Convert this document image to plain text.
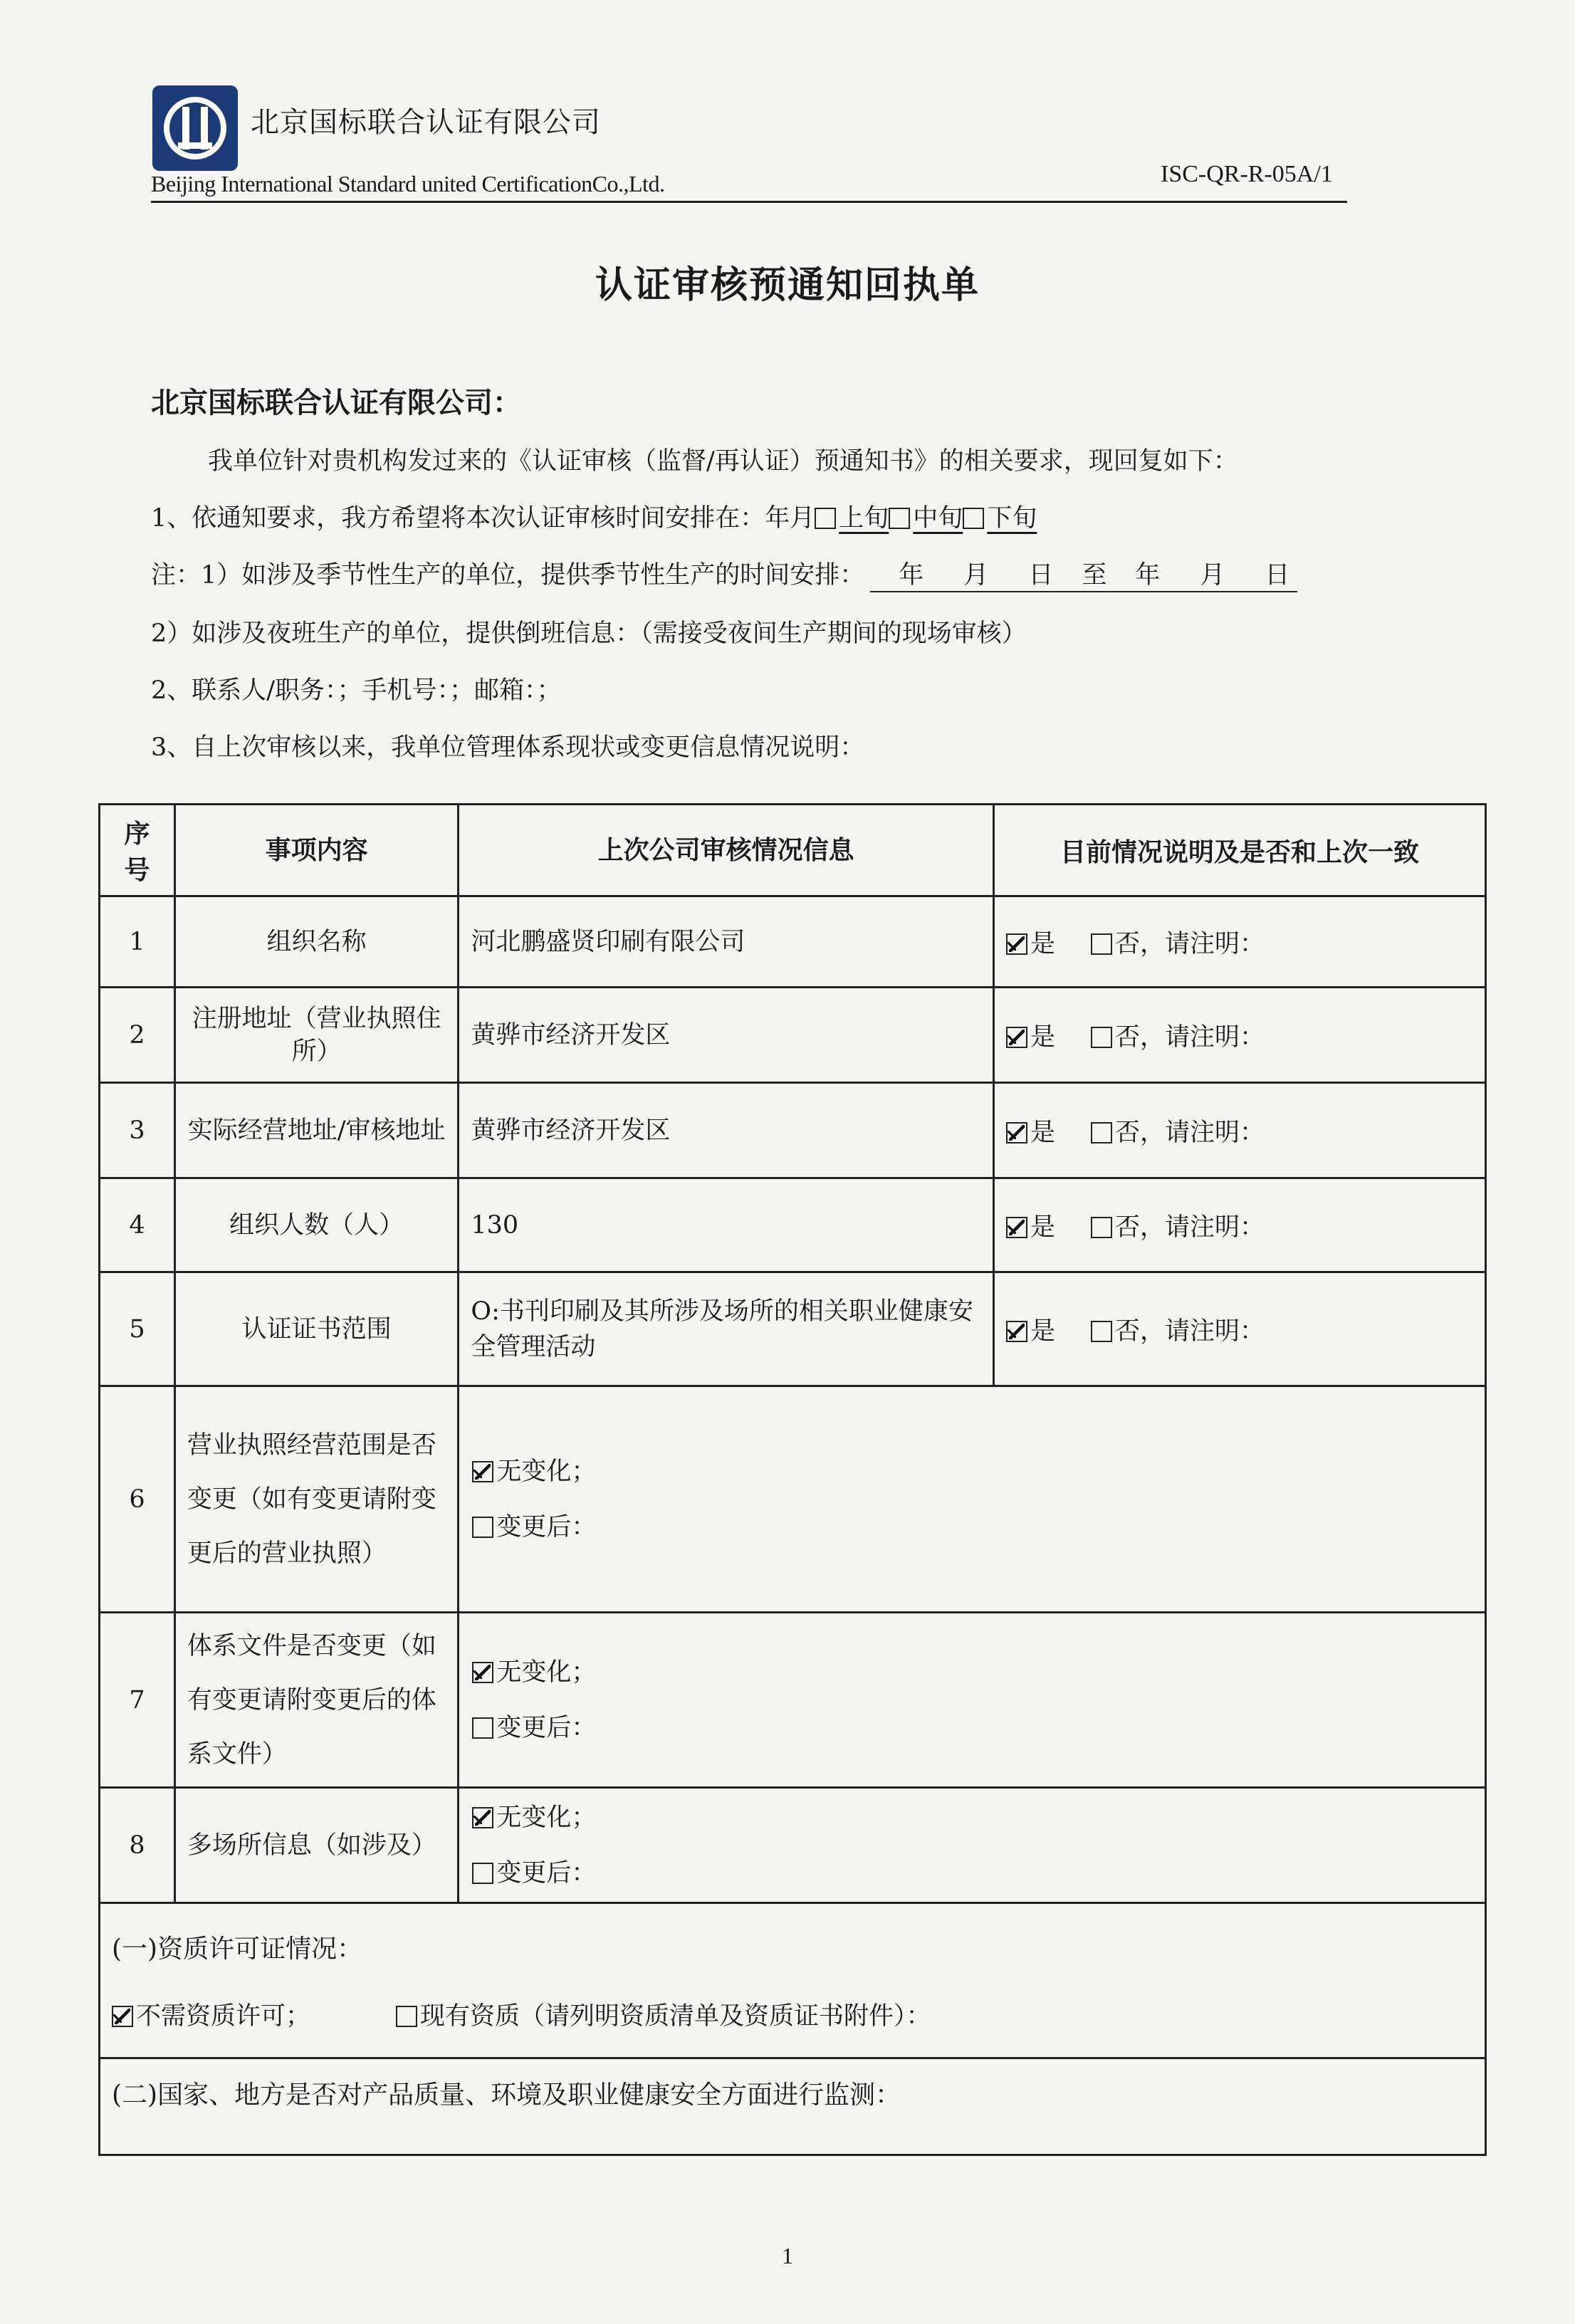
北京国标联合认证有限公司
Beijing International Standard united CertificationCo.,Ltd.	ISC-QR-R-05A/1
认证审核预通知回执单
北京国标联合认证有限公司：
我单位针对贵机构发过来的《认证审核（监督/再认证）预通知书》的相关要求，现回复如下：
1、依通知要求，我方希望将本次认证审核时间安排在：年月 上旬 中旬 下旬
注：1）如涉及季节性生产的单位，提供季节性生产的时间安排： 年 月 日 至 年 月 日
2）如涉及夜班生产的单位，提供倒班信息：（需接受夜间生产期间的现场审核）
2、联系人/职务：；手机号：；邮箱：；
3、自上次审核以来，我单位管理体系现状或变更信息情况说明：
序号	事项内容	上次公司审核情况信息	目前情况说明及是否和上次一致
1	组织名称	河北鹏盛贤印刷有限公司	是 否，请注明：
2	注册地址（营业执照住所）	黄骅市经济开发区	是 否，请注明：
3	实际经营地址/审核地址	黄骅市经济开发区	是 否，请注明：
4	组织人数（人）	130	是 否，请注明：
5	认证证书范围	O:书刊印刷及其所涉及场所的相关职业健康安全管理活动	是 否，请注明：
6	营业执照经营范围是否变更（如有变更请附变更后的营业执照）	无变化；
变更后：	

7	体系文件是否变更（如有变更请附变更后的体系文件）	无变化；
变更后：	

8	多场所信息（如涉及）	无变化；
变更后：	

(一)资质许可证情况：
不需资质许可； 现有资质（请列明资质清单及资质证书附件）：			

(二)国家、地方是否对产品质量、环境及职业健康安全方面进行监测：			
1
